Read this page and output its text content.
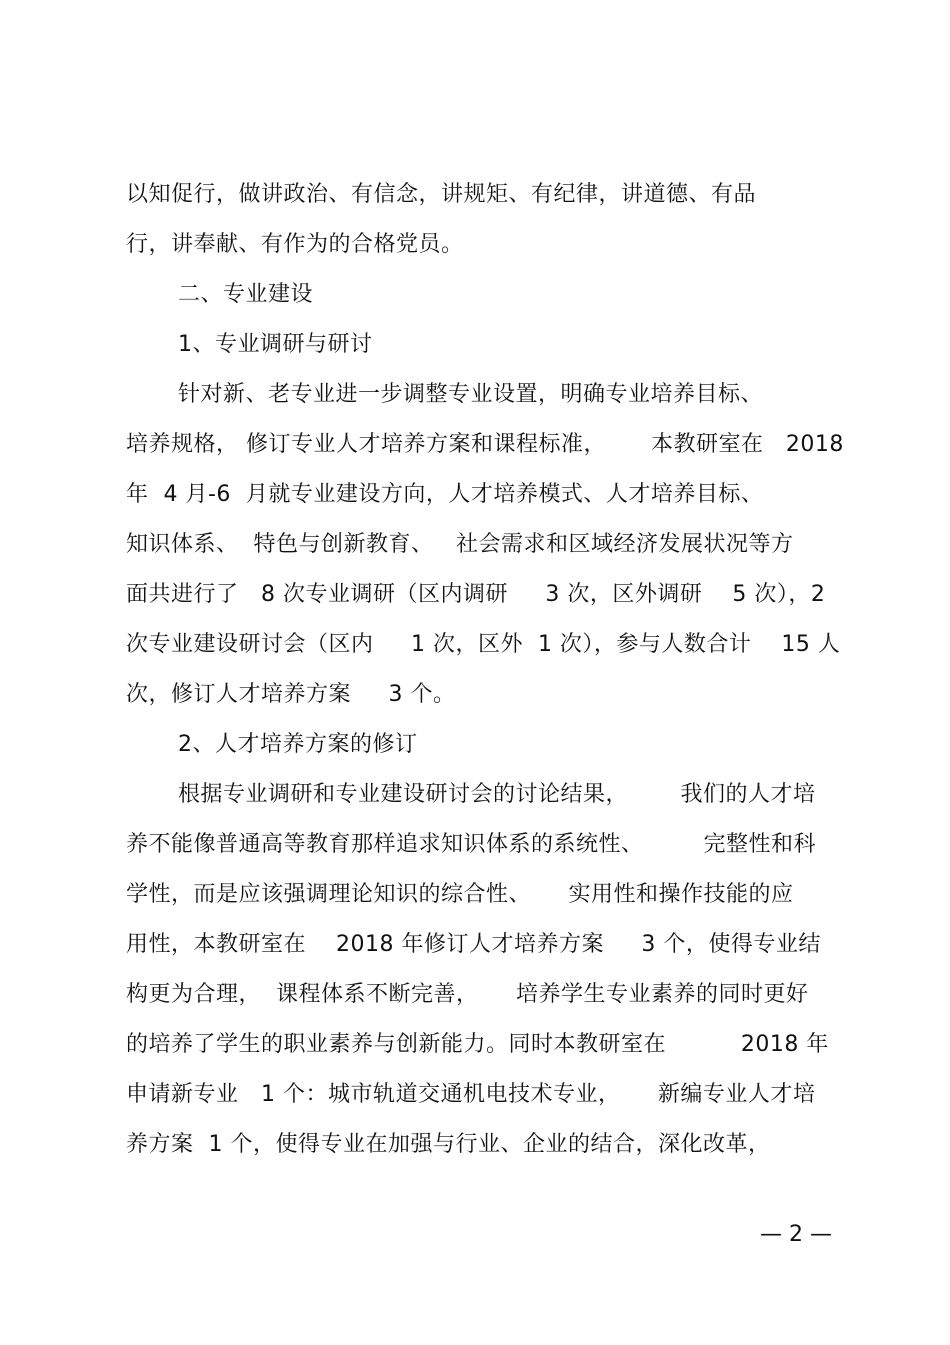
以知促行，做讲政治、有信念，讲规矩、有纪律，讲道德、有品
行，讲奉献、有作为的合格党员。
二、专业建设
1、专业调研与研讨
针对新、老专业进一步调整专业设置，明确专业培养目标、
培养规格， 修订专业人才培养方案和课程标准，      本教研室在   2018
年  4 月-6  月就专业建设方向，人才培养模式、人才培养目标、
知识体系、  特色与创新教育、   社会需求和区域经济发展状况等方
面共进行了   8 次专业调研（区内调研     3 次，区外调研    5 次），2
次专业建设研讨会（区内     1 次，区外  1 次），参与人数合计    15 人
次，修订人才培养方案     3 个。
2、人才培养方案的修订
根据专业调研和专业建设研讨会的讨论结果，       我们的人才培
养不能像普通高等教育那样追求知识体系的系统性、        完整性和科
学性，而是应该强调理论知识的综合性、     实用性和操作技能的应
用性，本教研室在    2018 年修订人才培养方案     3 个，使得专业结
构更为合理，  课程体系不断完善，     培养学生专业素养的同时更好
的培养了学生的职业素养与创新能力。同时本教研室在          2018 年
申请新专业   1 个：城市轨道交通机电技术专业，     新编专业人才培
养方案  1 个，使得专业在加强与行业、企业的结合，深化改革，
— 2 —
